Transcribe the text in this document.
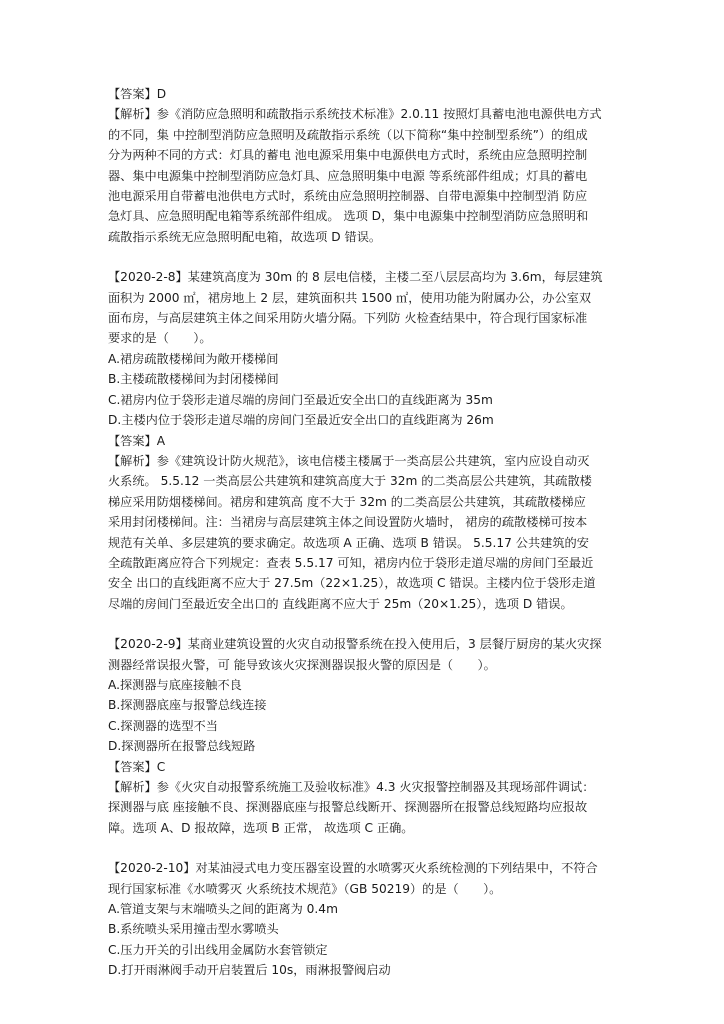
【答案】D
【解析】参《消防应急照明和疏散指示系统技术标准》2.0.11 按照灯具蓄电池电源供电方式
的不同，集 中控制型消防应急照明及疏散指示系统（以下简称“集中控制型系统”）的组成
分为两种不同的方式：灯具的蓄电 池电源采用集中电源供电方式时，系统由应急照明控制
器、集中电源集中控制型消防应急灯具、应急照明集中电源 等系统部件组成；灯具的蓄电
池电源采用自带蓄电池供电方式时，系统由应急照明控制器、自带电源集中控制型消 防应
急灯具、应急照明配电箱等系统部件组成。 选项 D，集中电源集中控制型消防应急照明和
疏散指示系统无应急照明配电箱，故选项 D 错误。
【2020-2-8】某建筑高度为 30m 的 8 层电信楼，主楼二至八层层高均为 3.6m，每层建筑
面积为 2000 ㎡，裙房地上 2 层，建筑面积共 1500 ㎡，使用功能为附属办公，办公室双
面布房，与高层建筑主体之间采用防火墙分隔。下列防 火检查结果中，符合现行国家标准
要求的是（　　）。
A.裙房疏散楼梯间为敞开楼梯间
B.主楼疏散楼梯间为封闭楼梯间
C.裙房内位于袋形走道尽端的房间门至最近安全出口的直线距离为 35m
D.主楼内位于袋形走道尽端的房间门至最近安全出口的直线距离为 26m
【答案】A
【解析】参《建筑设计防火规范》，该电信楼主楼属于一类高层公共建筑，室内应设自动灭
火系统。 5.5.12 一类高层公共建筑和建筑高度大于 32m 的二类高层公共建筑，其疏散楼
梯应采用防烟楼梯间。裙房和建筑高 度不大于 32m 的二类高层公共建筑，其疏散楼梯应
采用封闭楼梯间。注：当裙房与高层建筑主体之间设置防火墙时， 裙房的疏散楼梯可按本
规范有关单、多层建筑的要求确定。故选项 A 正确、选项 B 错误。 5.5.17 公共建筑的安
全疏散距离应符合下列规定：查表 5.5.17 可知，裙房内位于袋形走道尽端的房间门至最近
安全 出口的直线距离不应大于 27.5m（22×1.25），故选项 C 错误。主楼内位于袋形走道
尽端的房间门至最近安全出口的 直线距离不应大于 25m（20×1.25），选项 D 错误。
【2020-2-9】某商业建筑设置的火灾自动报警系统在投入使用后，3 层餐厅厨房的某火灾探
测器经常误报火警，可 能导致该火灾探测器误报火警的原因是（　　）。
A.探测器与底座接触不良
B.探测器底座与报警总线连接
C.探测器的选型不当
D.探测器所在报警总线短路
【答案】C
【解析】参《火灾自动报警系统施工及验收标准》4.3 火灾报警控制器及其现场部件调试：
探测器与底 座接触不良、探测器底座与报警总线断开、探测器所在报警总线短路均应报故
障。选项 A、D 报故障，选项 B 正常， 故选项 C 正确。
【2020-2-10】对某油浸式电力变压器室设置的水喷雾灭火系统检测的下列结果中，不符合
现行国家标准《水喷雾灭 火系统技术规范》（GB 50219）的是（　　）。
A.管道支架与末端喷头之间的距离为 0.4m
B.系统喷头采用撞击型水雾喷头
C.压力开关的引出线用金属防水套管锁定
D.打开雨淋阀手动开启装置后 10s，雨淋报警阀启动
